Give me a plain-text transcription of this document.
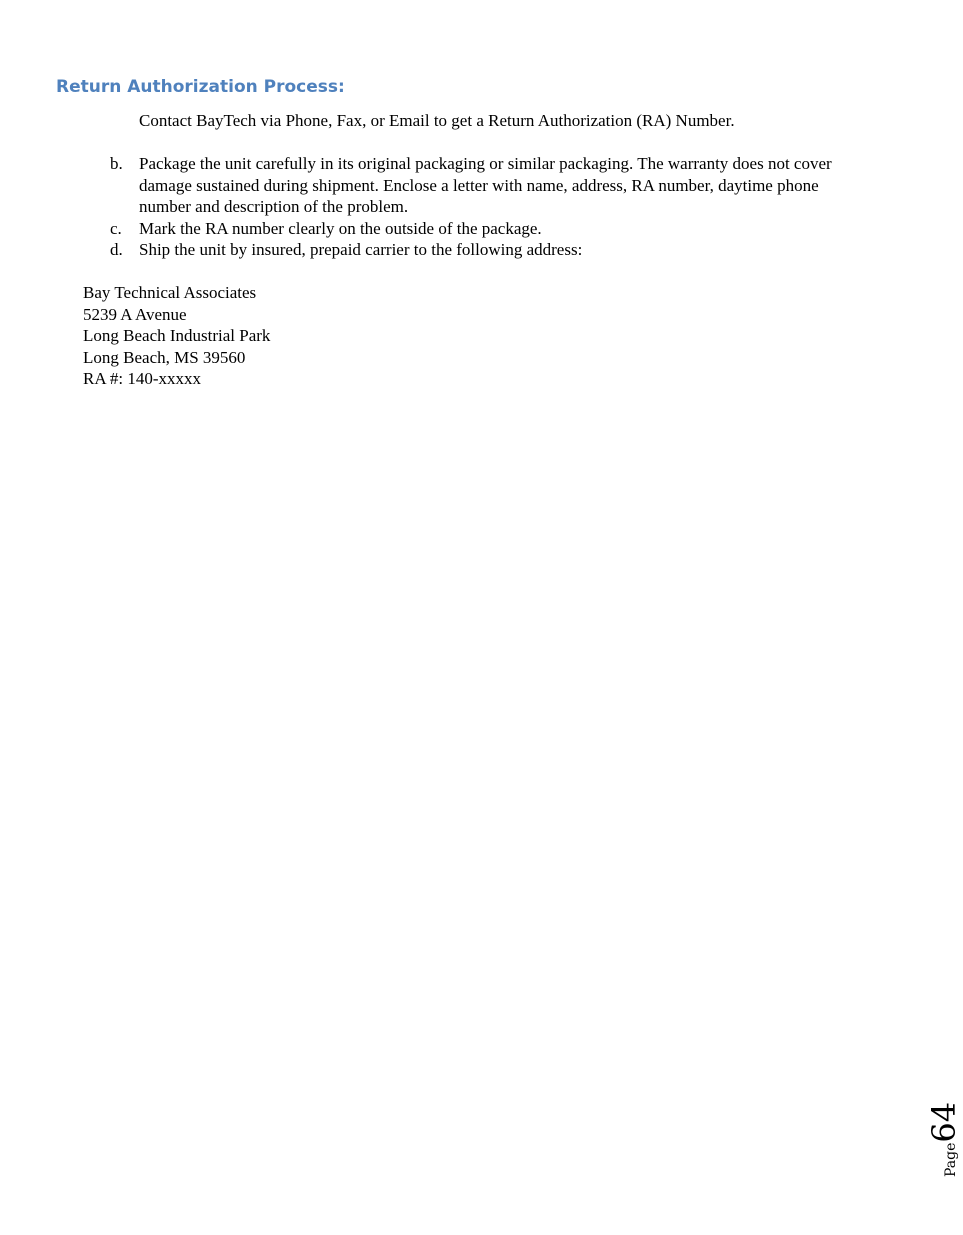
Return Authorization Process:

Contact BayTech via Phone, Fax, or Email to get a Return Authorization (RA) Number.

b. Package the unit carefully in its original packaging or similar packaging. The warranty does not cover damage sustained during shipment. Enclose a letter with name, address, RA number, daytime phone number and description of the problem.
c. Mark the RA number clearly on the outside of the package.
d. Ship the unit by insured, prepaid carrier to the following address:
Bay Technical Associates
5239 A Avenue
Long Beach Industrial Park
Long Beach, MS 39560
RA #: 140-xxxxx
Page64
